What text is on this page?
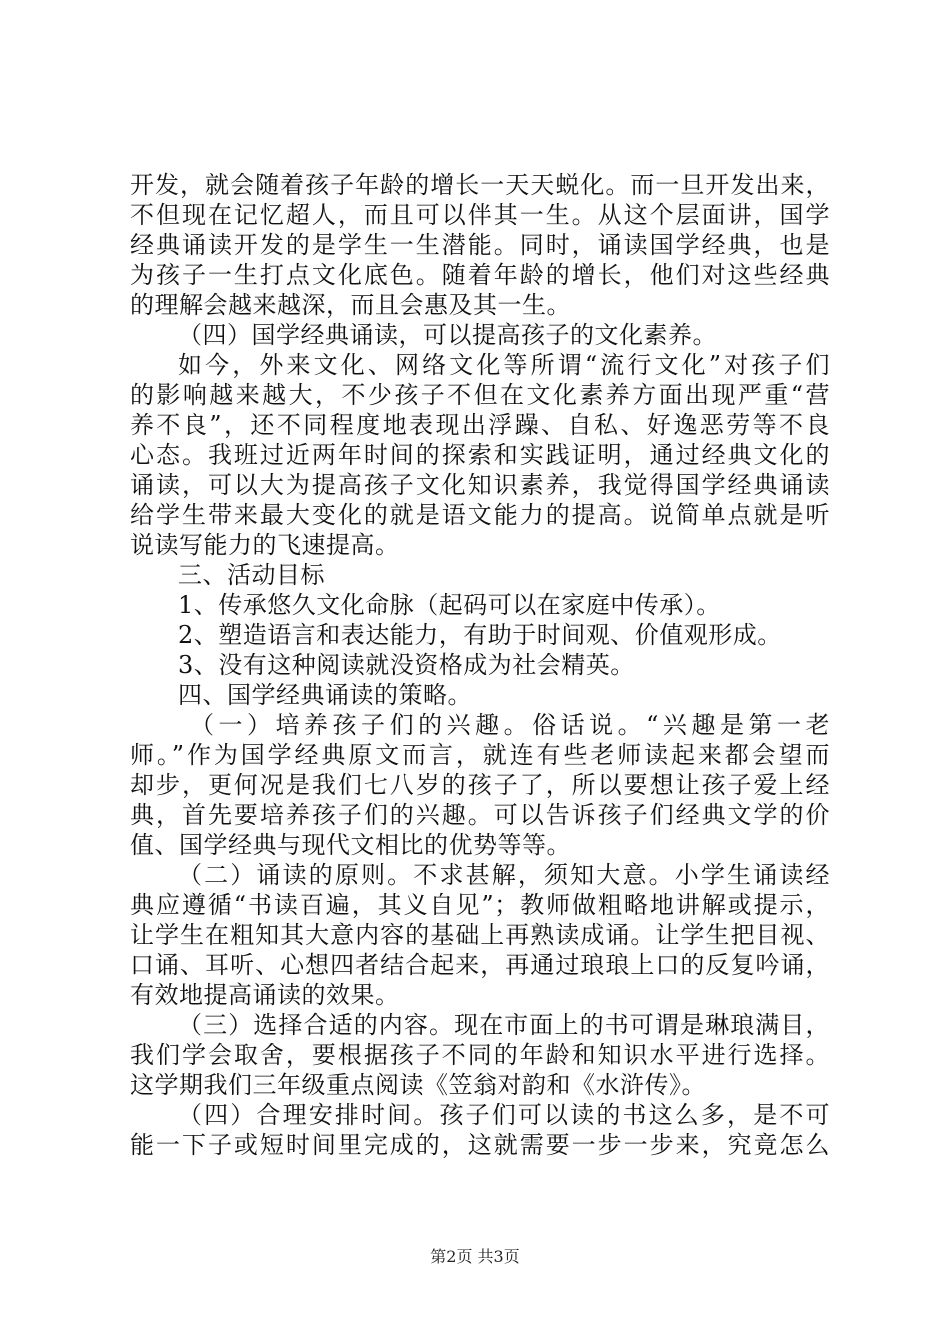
开发，就会随着孩子年龄的增长一天天蜕化。而一旦开发出来，
不但现在记忆超人，而且可以伴其一生。从这个层面讲，国学
经典诵读开发的是学生一生潜能。同时，诵读国学经典，也是
为孩子一生打点文化底色。随着年龄的增长，他们对这些经典
的理解会越来越深，而且会惠及其一生。
（四）国学经典诵读，可以提高孩子的文化素养。
如今，外来文化、网络文化等所谓“流行文化”对孩子们
的影响越来越大，不少孩子不但在文化素养方面出现严重“营
养不良”，还不同程度地表现出浮躁、自私、好逸恶劳等不良
心态。我班过近两年时间的探索和实践证明，通过经典文化的
诵读，可以大为提高孩子文化知识素养，我觉得国学经典诵读
给学生带来最大变化的就是语文能力的提高。说简单点就是听
说读写能力的飞速提高。
三、活动目标
1、传承悠久文化命脉（起码可以在家庭中传承）。
2、塑造语言和表达能力，有助于时间观、价值观形成。
3、没有这种阅读就没资格成为社会精英。
四、国学经典诵读的策略。
（一）培养孩子们的兴趣。俗话说。“兴趣是第一老
师。”作为国学经典原文而言，就连有些老师读起来都会望而
却步，更何况是我们七八岁的孩子了，所以要想让孩子爱上经
典，首先要培养孩子们的兴趣。可以告诉孩子们经典文学的价
值、国学经典与现代文相比的优势等等。
（二）诵读的原则。不求甚解，须知大意。小学生诵读经
典应遵循“书读百遍，其义自见”；教师做粗略地讲解或提示，
让学生在粗知其大意内容的基础上再熟读成诵。让学生把目视、
口诵、耳听、心想四者结合起来，再通过琅琅上口的反复吟诵，
有效地提高诵读的效果。
（三）选择合适的内容。现在市面上的书可谓是琳琅满目，
我们学会取舍，要根据孩子不同的年龄和知识水平进行选择。
这学期我们三年级重点阅读《笠翁对韵和《水浒传》。
（四）合理安排时间。孩子们可以读的书这么多，是不可
能一下子或短时间里完成的，这就需要一步一步来，究竟怎么
第2页 共3页
